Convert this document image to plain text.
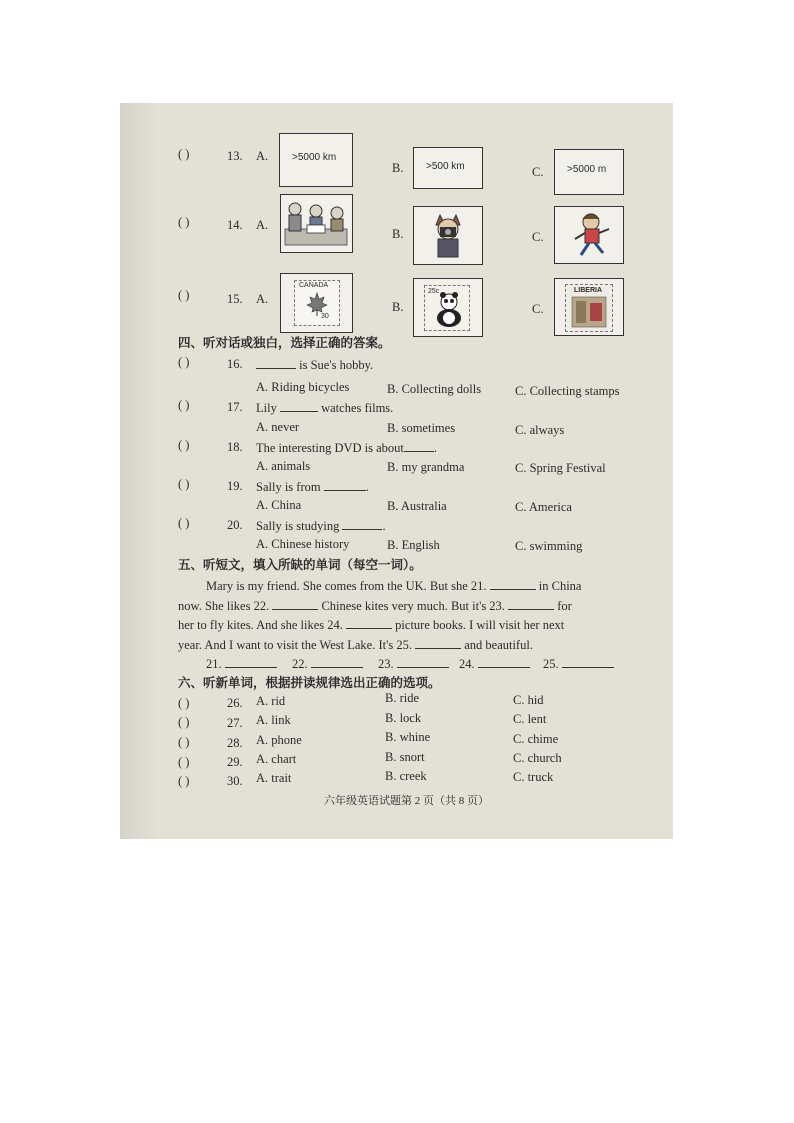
( )	13. A. >5000 km
B. >500 km	C. >5000 m
( )	14. A.
B.	C.
( )	15. A.
CANADA
30
B.
25c
C.
LIBERIA
四、听对话或独白，选择正确的答案。
( )	16.	is Sue's hobby.
A. Riding bicycles	B. Collecting dolls	C. Collecting stamps
( )	17. Lily	watches films.
A. never	B. sometimes	C. always
( )	18. The interesting DVD is about .
A. animals	B. my grandma	C. Spring Festival
( )	19. Sally is from	.
A. China	B. Australia	C. America
( )	20. Sally is studying	.
A. Chinese history	B. English	C. swimming
五、听短文，填入所缺的单词（每空一词）。
Mary is my friend. She comes from the UK. But she 21.	in China
now. She likes 22.	Chinese kites very much. But it's 23.	for
her to fly kites. And she likes 24.	picture books. I will visit her next
year. And I want to visit the West Lake. It's 25.	and beautiful.
21.	22.	23.	24.	25.
六、听新单词，根据拼读规律选出正确的选项。
( )	26. A. rid	B. ride	C. hid
( )	27. A. link	B. lock	C. lent
( )	28. A. phone	B. whine	C. chime
( )	29. A. chart	B. snort	C. church
( )	30. A. trait	B. creek	C. truck
六年级英语试题第 2 页（共 8 页）
